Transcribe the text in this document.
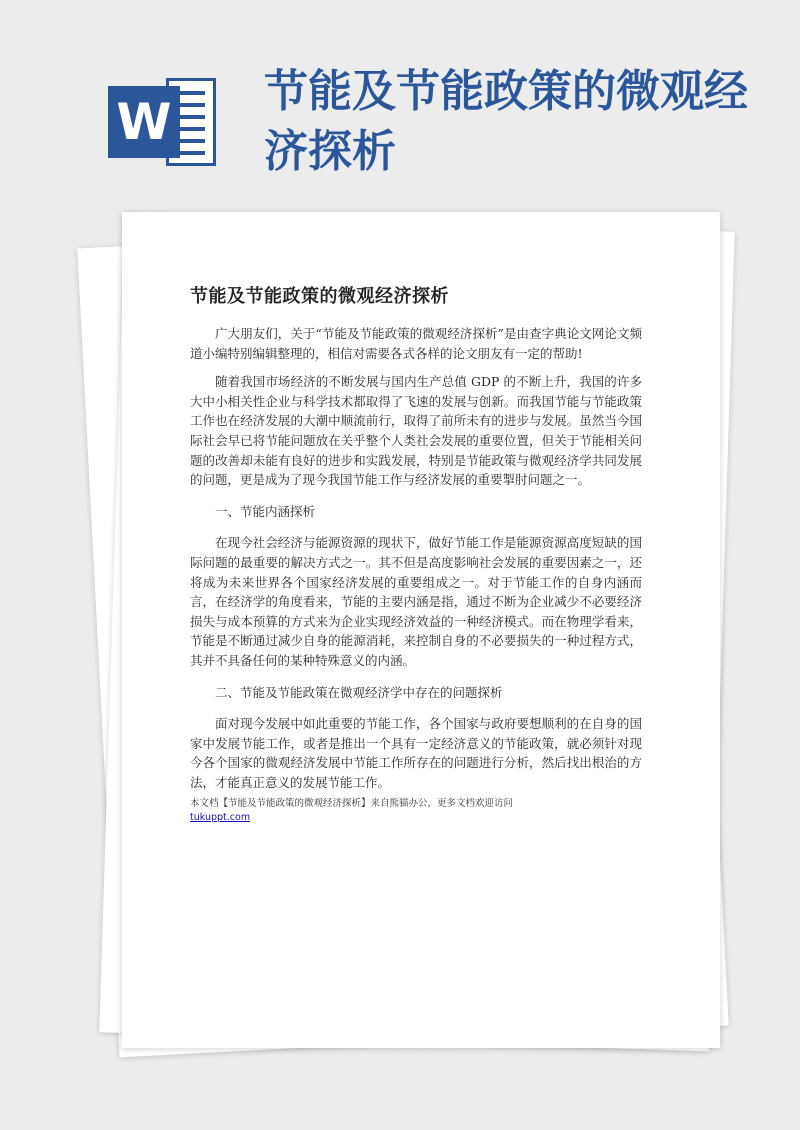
W
节能及节能政策的微观经济探析
节能及节能政策的微观经济探析

广大朋友们，关于“节能及节能政策的微观经济探析”是由查字典论文网论文频道小编特别编辑整理的，相信对需要各式各样的论文朋友有一定的帮助!

随着我国市场经济的不断发展与国内生产总值 GDP 的不断上升，我国的许多大中小相关性企业与科学技术都取得了飞速的发展与创新。而我国节能与节能政策工作也在经济发展的大潮中顺流前行，取得了前所未有的进步与发展。虽然当今国际社会早已将节能问题放在关乎整个人类社会发展的重要位置，但关于节能相关问题的改善却未能有良好的进步和实践发展，特别是节能政策与微观经济学共同发展的问题，更是成为了现今我国节能工作与经济发展的重要掣肘问题之一。

一、节能内涵探析

在现今社会经济与能源资源的现状下，做好节能工作是能源资源高度短缺的国际问题的最重要的解决方式之一。其不但是高度影响社会发展的重要因素之一，还将成为未来世界各个国家经济发展的重要组成之一。对于节能工作的自身内涵而言，在经济学的角度看来，节能的主要内涵是指，通过不断为企业减少不必要经济损失与成本预算的方式来为企业实现经济效益的一种经济模式。而在物理学看来，节能是不断通过减少自身的能源消耗，来控制自身的不必要损失的一种过程方式，其并不具备任何的某种特殊意义的内涵。

二、节能及节能政策在微观经济学中存在的问题探析

面对现今发展中如此重要的节能工作，各个国家与政府要想顺利的在自身的国家中发展节能工作，或者是推出一个具有一定经济意义的节能政策，就必须针对现今各个国家的微观经济发展中节能工作所存在的问题进行分析，然后找出根治的方法，才能真正意义的发展节能工作。

本文档【节能及节能政策的微观经济探析】来自熊猫办公，更多文档欢迎访问
tukuppt.com
